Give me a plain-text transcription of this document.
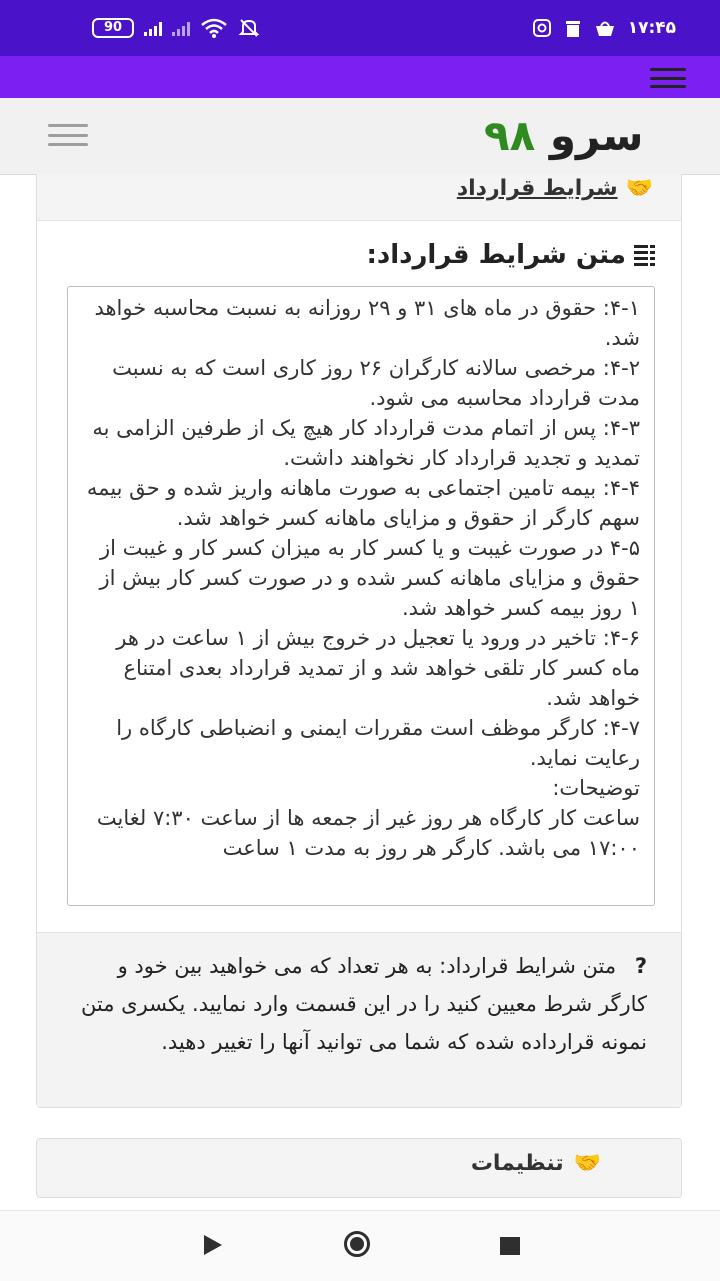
90	۱۷:۴۵
سرو ۹۸
🤝
شرایط قرارداد
متن شرایط قرارداد:
۴-۱: حقوق در ماه های ۳۱ و ۲۹ روزانه به نسبت محاسبه خواهد شد.
۴-۲: مرخصی سالانه کارگران ۲۶ روز کاری است که به نسبت مدت قرارداد محاسبه می شود.
۴-۳: پس از اتمام مدت قرارداد کار هیچ یک از طرفین الزامی به تمدید و تجدید قرارداد کار نخواهند داشت.
۴-۴: بیمه تامین اجتماعی به صورت ماهانه واریز شده و حق بیمه سهم کارگر از حقوق و مزایای ماهانه کسر خواهد شد.
۴-۵ در صورت غیبت و یا کسر کار به میزان کسر کار و غیبت از حقوق و مزایای ماهانه کسر شده و در صورت کسر کار بیش از ۱ روز بیمه کسر خواهد شد.
۴-۶: تاخیر در ورود یا تعجیل در خروج بیش از ۱ ساعت در هر ماه کسر کار تلقی خواهد شد و از تمدید قرارداد بعدی امتناع خواهد شد.
۴-۷: کارگر موظف است مقررات ایمنی و انضباطی کارگاه را رعایت نماید.
توضیحات:
ساعت کار کارگاه هر روز غیر از جمعه ها از ساعت ۷:۳۰ لغایت ۱۷:۰۰ می باشد. کارگر هر روز به مدت ۱ ساعت
? متن شرایط قرارداد: به هر تعداد که می خواهید بین خود و کارگر شرط معیین کنید را در این قسمت وارد نمایید. یکسری متن نمونه قرارداده شده که شما می توانید آنها را تغییر دهید.
🤝
تنظیمات
